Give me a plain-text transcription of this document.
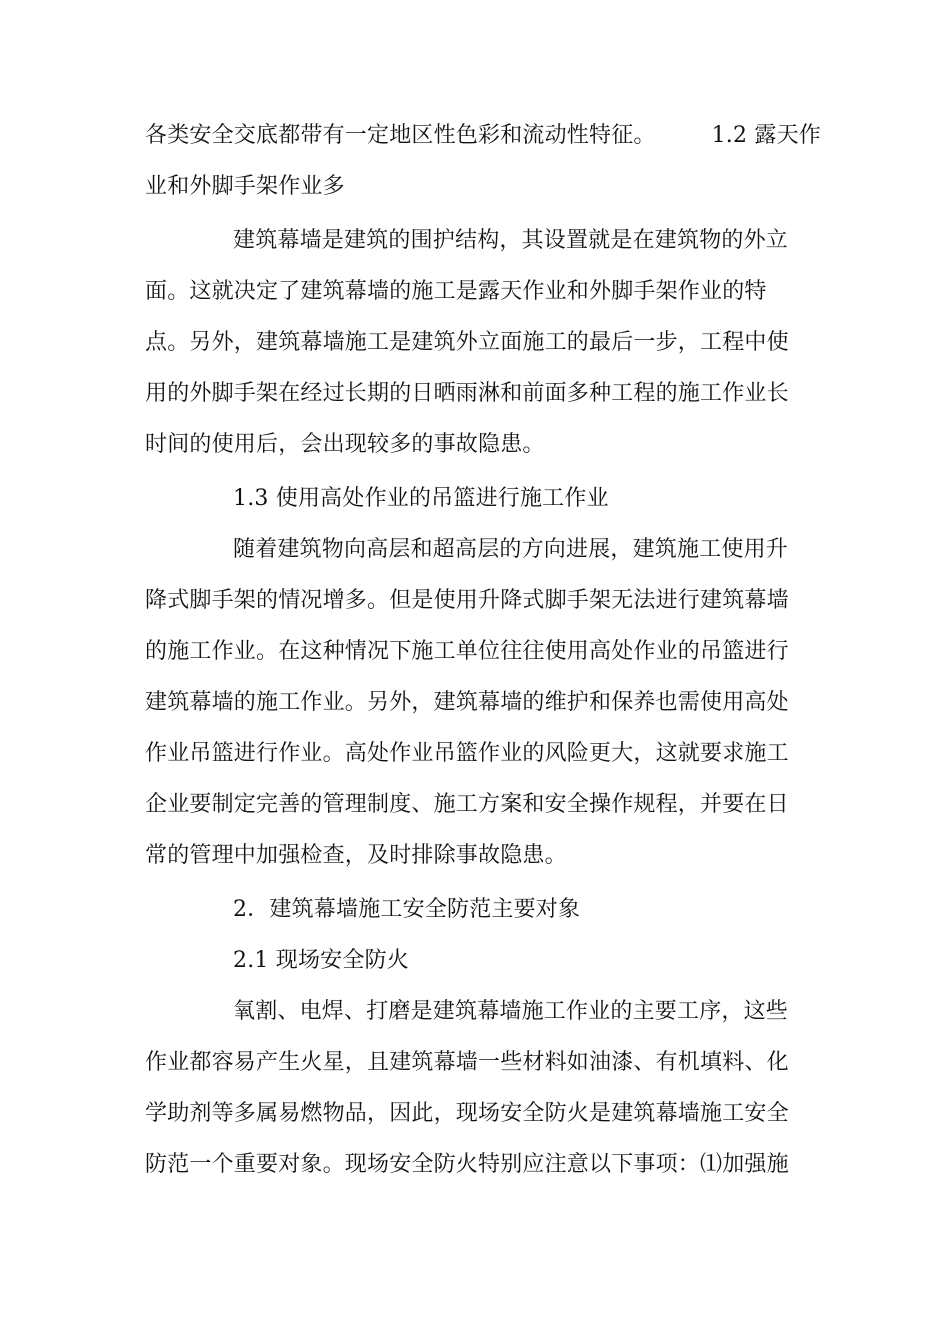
各类安全交底都带有一定地区性色彩和流动性特征。	1.2 露天作
业和外脚手架作业多
建筑幕墙是建筑的围护结构，其设置就是在建筑物的外立
面。这就决定了建筑幕墙的施工是露天作业和外脚手架作业的特
点。另外，建筑幕墙施工是建筑外立面施工的最后一步，工程中使
用的外脚手架在经过长期的日晒雨淋和前面多种工程的施工作业长
时间的使用后，会出现较多的事故隐患。
1.3 使用高处作业的吊篮进行施工作业
随着建筑物向高层和超高层的方向进展，建筑施工使用升
降式脚手架的情况增多。但是使用升降式脚手架无法进行建筑幕墙
的施工作业。在这种情况下施工单位往往使用高处作业的吊篮进行
建筑幕墙的施工作业。另外，建筑幕墙的维护和保养也需使用高处
作业吊篮进行作业。高处作业吊篮作业的风险更大，这就要求施工
企业要制定完善的管理制度、施工方案和安全操作规程，并要在日
常的管理中加强检查，及时排除事故隐患。
2．建筑幕墙施工安全防范主要对象
2.1 现场安全防火
氧割、电焊、打磨是建筑幕墙施工作业的主要工序，这些
作业都容易产生火星，且建筑幕墙一些材料如油漆、有机填料、化
学助剂等多属易燃物品，因此，现场安全防火是建筑幕墙施工安全
防范一个重要对象。现场安全防火特别应注意以下事项：⑴加强施
